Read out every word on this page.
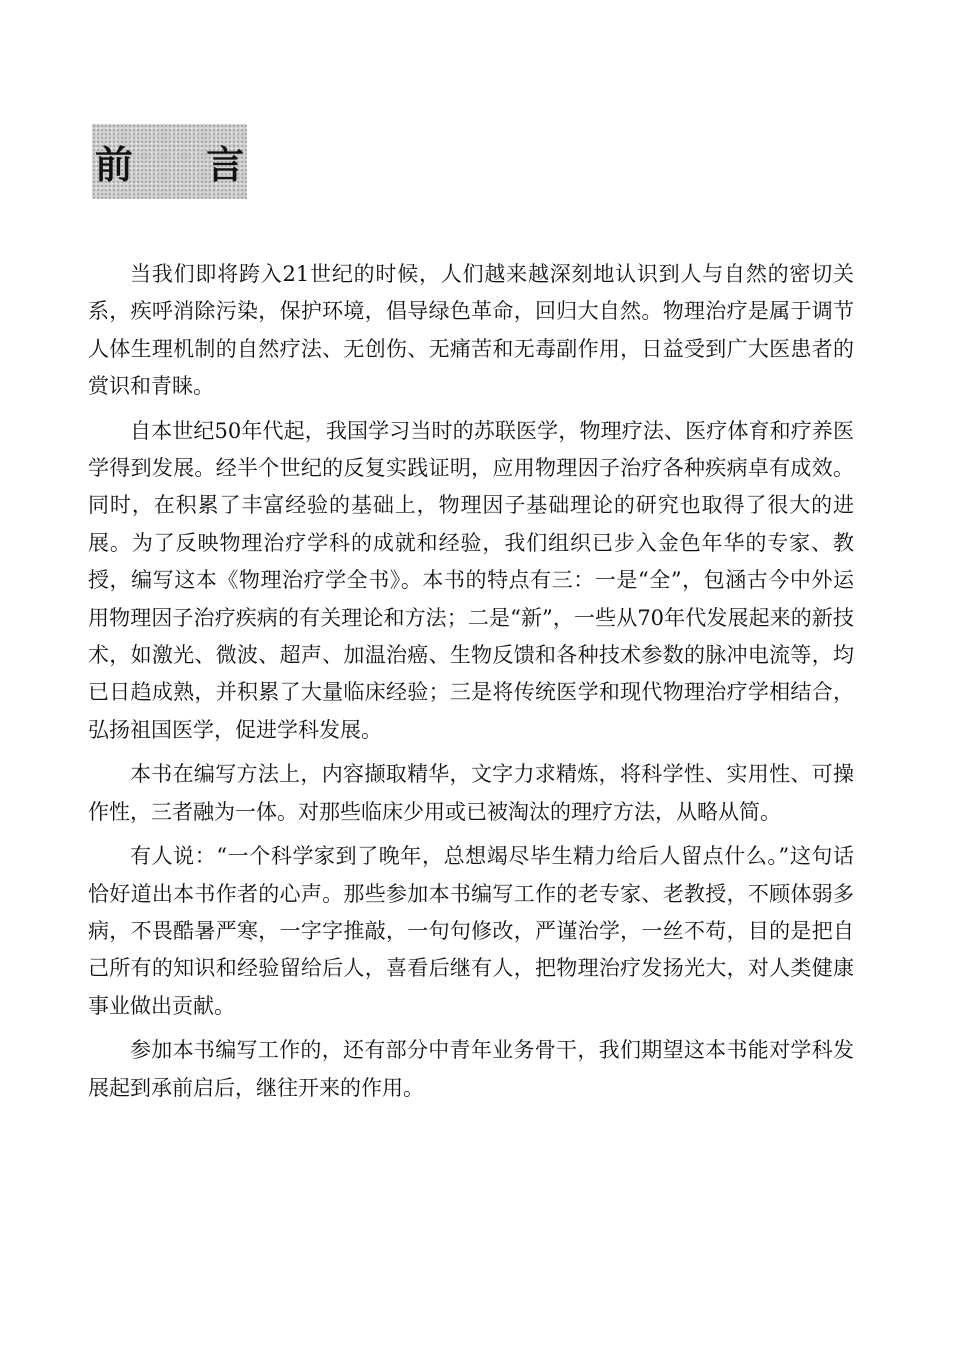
前 言

当我们即将跨入21世纪的时候，人们越来越深刻地认识到人与自然的密切关系，疾呼消除污染，保护环境，倡导绿色革命，回归大自然。物理治疗是属于调节人体生理机制的自然疗法、无创伤、无痛苦和无毒副作用，日益受到广大医患者的赏识和青睐。

自本世纪50年代起，我国学习当时的苏联医学，物理疗法、医疗体育和疗养医学得到发展。经半个世纪的反复实践证明，应用物理因子治疗各种疾病卓有成效。同时，在积累了丰富经验的基础上，物理因子基础理论的研究也取得了很大的进展。为了反映物理治疗学科的成就和经验，我们组织已步入金色年华的专家、教授，编写这本《物理治疗学全书》。本书的特点有三：一是“全”，包涵古今中外运用物理因子治疗疾病的有关理论和方法；二是“新”，一些从70年代发展起来的新技术，如激光、微波、超声、加温治癌、生物反馈和各种技术参数的脉冲电流等，均已日趋成熟，并积累了大量临床经验；三是将传统医学和现代物理治疗学相结合，弘扬祖国医学，促进学科发展。

本书在编写方法上，内容撷取精华，文字力求精炼，将科学性、实用性、可操作性，三者融为一体。对那些临床少用或已被淘汰的理疗方法，从略从简。

有人说：“一个科学家到了晚年，总想竭尽毕生精力给后人留点什么。”这句话恰好道出本书作者的心声。那些参加本书编写工作的老专家、老教授，不顾体弱多病，不畏酷暑严寒，一字字推敲，一句句修改，严谨治学，一丝不苟，目的是把自己所有的知识和经验留给后人，喜看后继有人，把物理治疗发扬光大，对人类健康事业做出贡献。

参加本书编写工作的，还有部分中青年业务骨干，我们期望这本书能对学科发展起到承前启后，继往开来的作用。
